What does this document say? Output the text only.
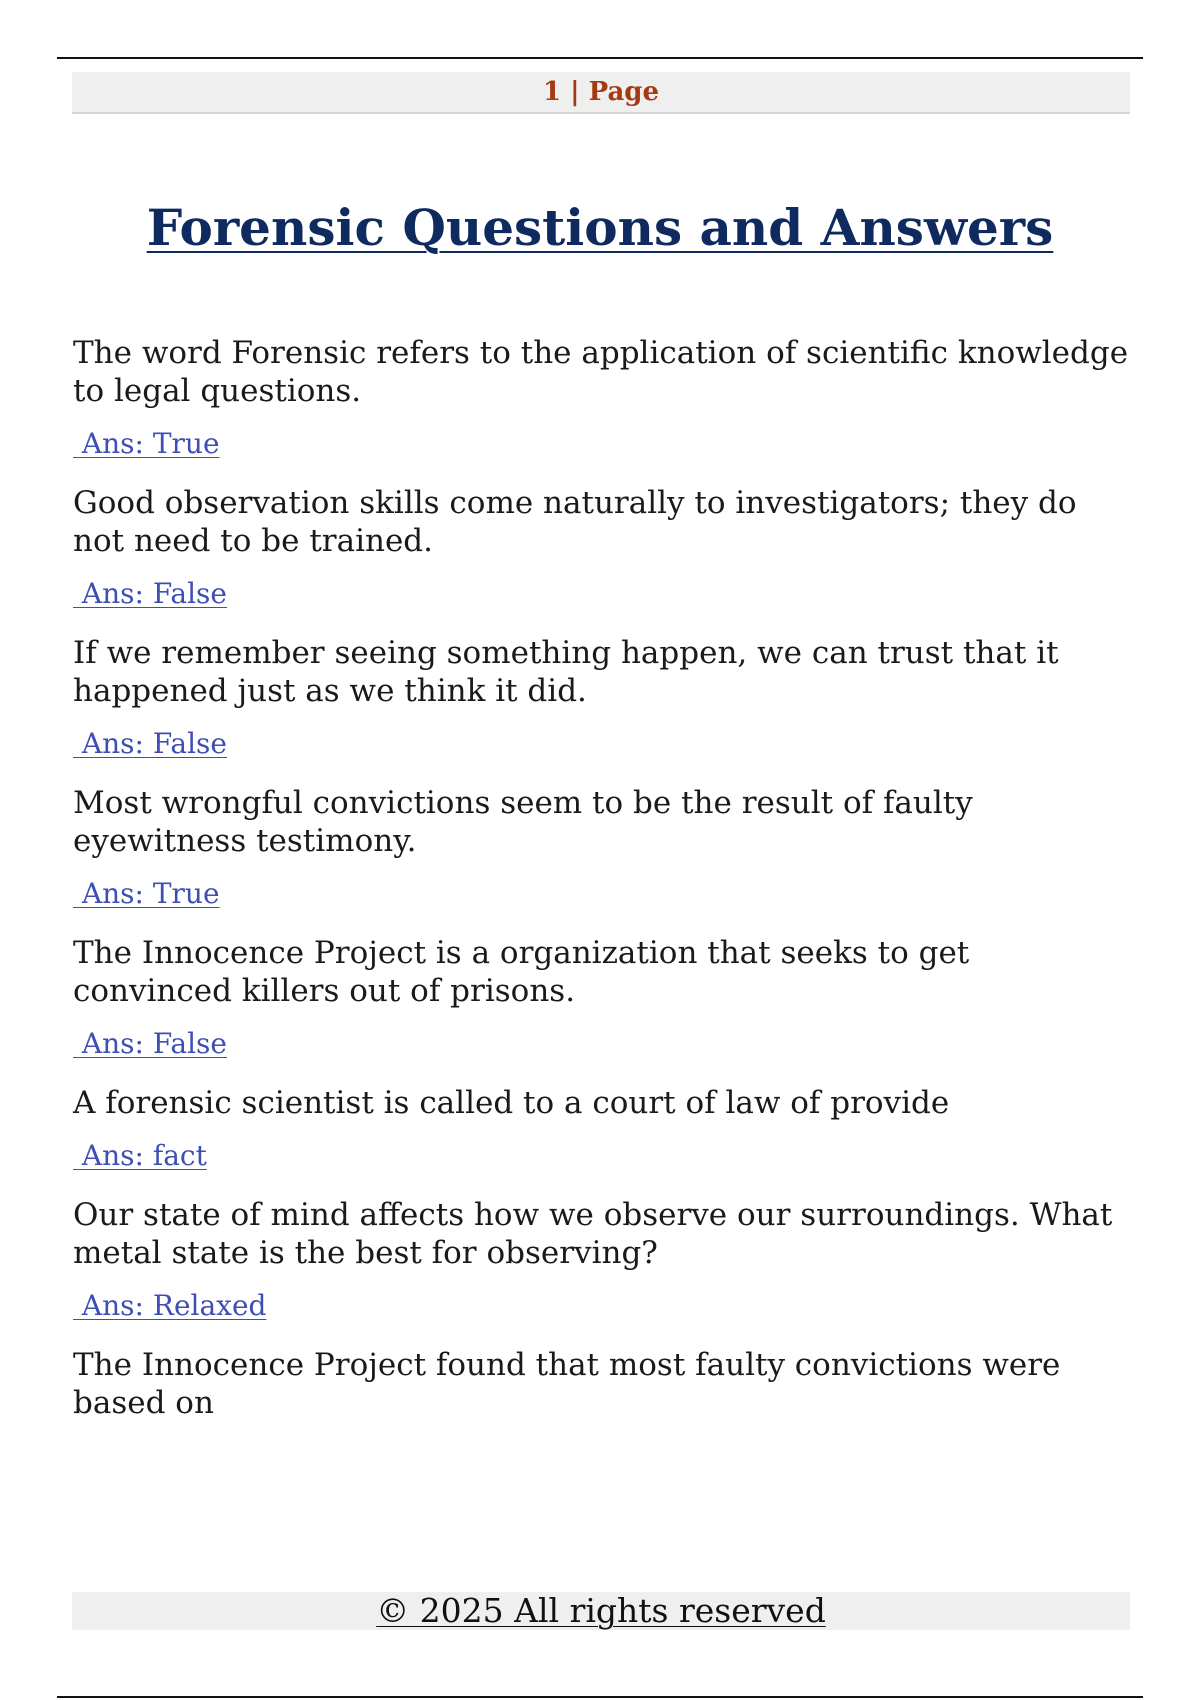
1 | Page
Forensic Questions and Answers

The word Forensic refers to the application of scientific knowledge to legal questions.

Ans: True

Good observation skills come naturally to investigators; they do not need to be trained.

Ans: False

If we remember seeing something happen, we can trust that it happened just as we think it did.

Ans: False

Most wrongful convictions seem to be the result of faulty eyewitness testimony.

Ans: True

The Innocence Project is a organization that seeks to get convinced killers out of prisons.

Ans: False

A forensic scientist is called to a court of law of provide

Ans: fact

Our state of mind affects how we observe our surroundings. What metal state is the best for observing?

Ans: Relaxed

The Innocence Project found that most faulty convictions were based on

© 2025 All rights reserved
